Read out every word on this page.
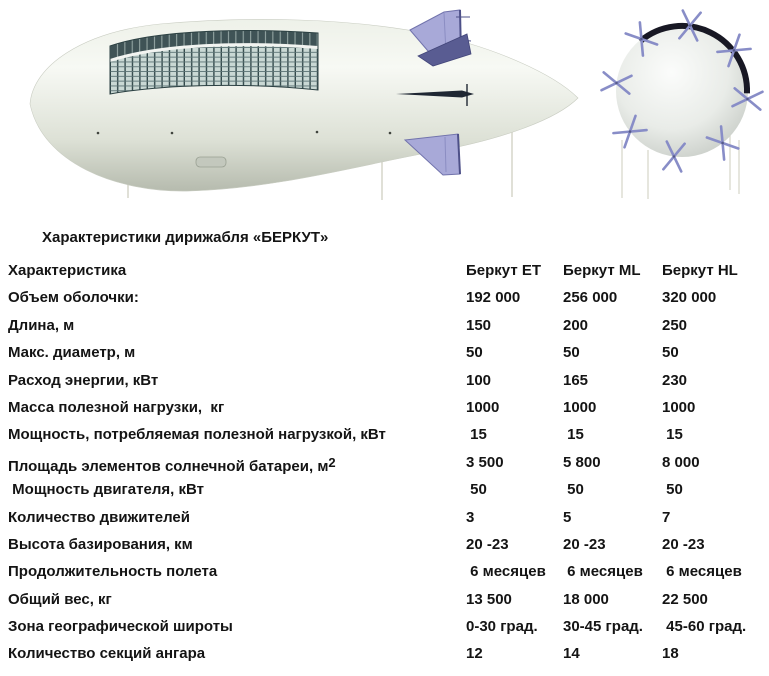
Характеристики дирижабля «БЕРКУТ»
Характеристика	Беркут ET	Беркут ML	Беркут HL
Объем оболочки:	192 000	256 000	320 000
Длина, м	150	200	250
Макс. диаметр, м	50	50	50
Расход энергии, кВт	100	165	230
Масса полезной нагрузки,  кг	1000	1000	1000
Мощность, потребляемая полезной нагрузкой, кВт	15	15	15
Площадь элементов солнечной батареи, $м^2$	3 500	5 800	8 000
Мощность двигателя, кВт	50	50	50
Количество движителей	3	5	7
Высота базирования, км	20 -23	20 -23	20 -23
Продолжительность полета	6 месяцев	6 месяцев	6 месяцев
Общий вес, кг	13 500	18 000	22 500
Зона географической широты	0-30 град.	30-45 град.	45-60 град.
Количество секций ангара	12	14	18
